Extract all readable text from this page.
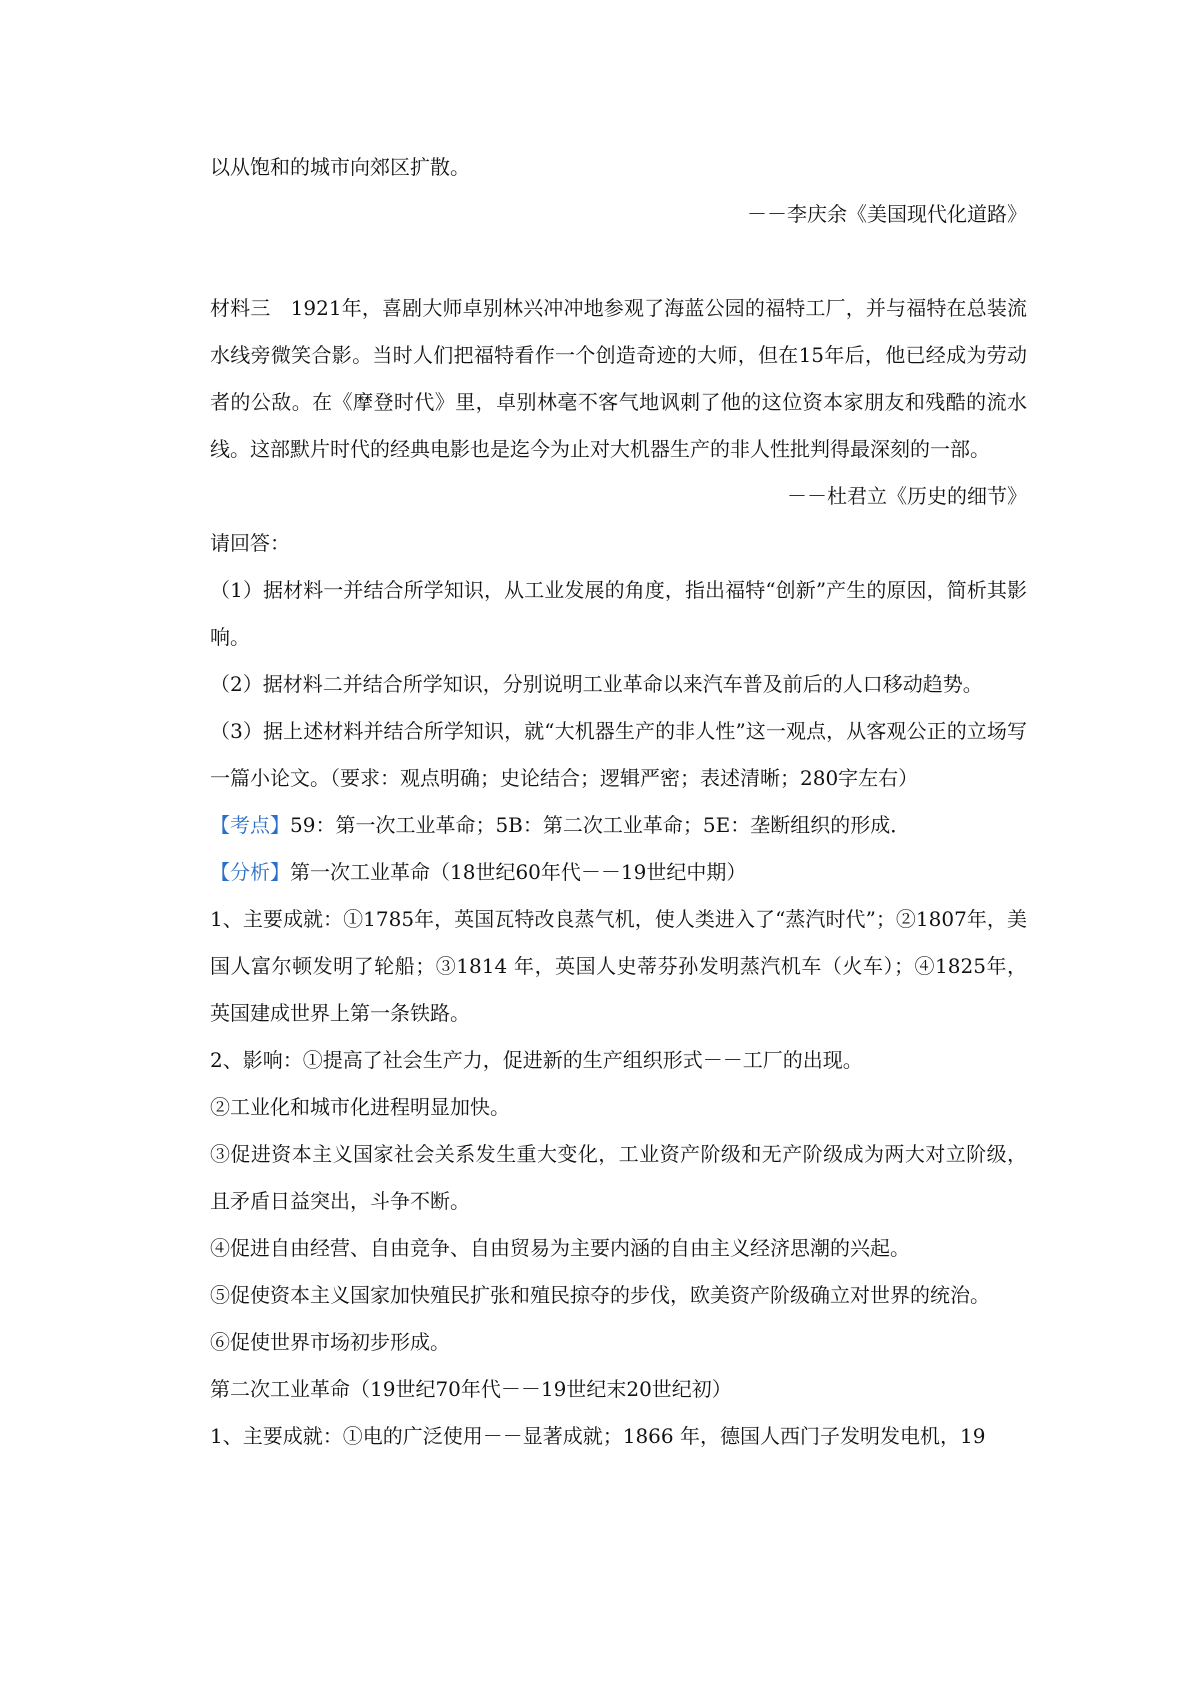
以从饱和的城市向郊区扩散。

－－李庆余《美国现代化道路》

材料三　1921年，喜剧大师卓别林兴冲冲地参观了海蓝公园的福特工厂，并与福特在总装流水线旁微笑合影。当时人们把福特看作一个创造奇迹的大师，但在15年后，他已经成为劳动者的公敌。在《摩登时代》里，卓别林毫不客气地讽刺了他的这位资本家朋友和残酷的流水线。这部默片时代的经典电影也是迄今为止对大机器生产的非人性批判得最深刻的一部。

－－杜君立《历史的细节》

请回答：

（1）据材料一并结合所学知识，从工业发展的角度，指出福特“创新”产生的原因，简析其影响。

（2）据材料二并结合所学知识，分别说明工业革命以来汽车普及前后的人口移动趋势。

（3）据上述材料并结合所学知识，就“大机器生产的非人性”这一观点，从客观公正的立场写一篇小论文。（要求：观点明确；史论结合；逻辑严密；表述清晰；280字左右）

【考点】59：第一次工业革命；5B：第二次工业革命；5E：垄断组织的形成．

【分析】第一次工业革命（18世纪60年代－－19世纪中期）

1、主要成就：①1785年，英国瓦特改良蒸气机，使人类进入了“蒸汽时代”；②1807年，美国人富尔顿发明了轮船；③1814 年，英国人史蒂芬孙发明蒸汽机车（火车）；④1825年，英国建成世界上第一条铁路。

2、影响：①提高了社会生产力，促进新的生产组织形式－－工厂的出现。

②工业化和城市化进程明显加快。

③促进资本主义国家社会关系发生重大变化，工业资产阶级和无产阶级成为两大对立阶级，且矛盾日益突出，斗争不断。

④促进自由经营、自由竞争、自由贸易为主要内涵的自由主义经济思潮的兴起。

⑤促使资本主义国家加快殖民扩张和殖民掠夺的步伐，欧美资产阶级确立对世界的统治。

⑥促使世界市场初步形成。

第二次工业革命（19世纪70年代－－19世纪末20世纪初）

1、主要成就：①电的广泛使用－－显著成就；1866 年，德国人西门子发明发电机，19
